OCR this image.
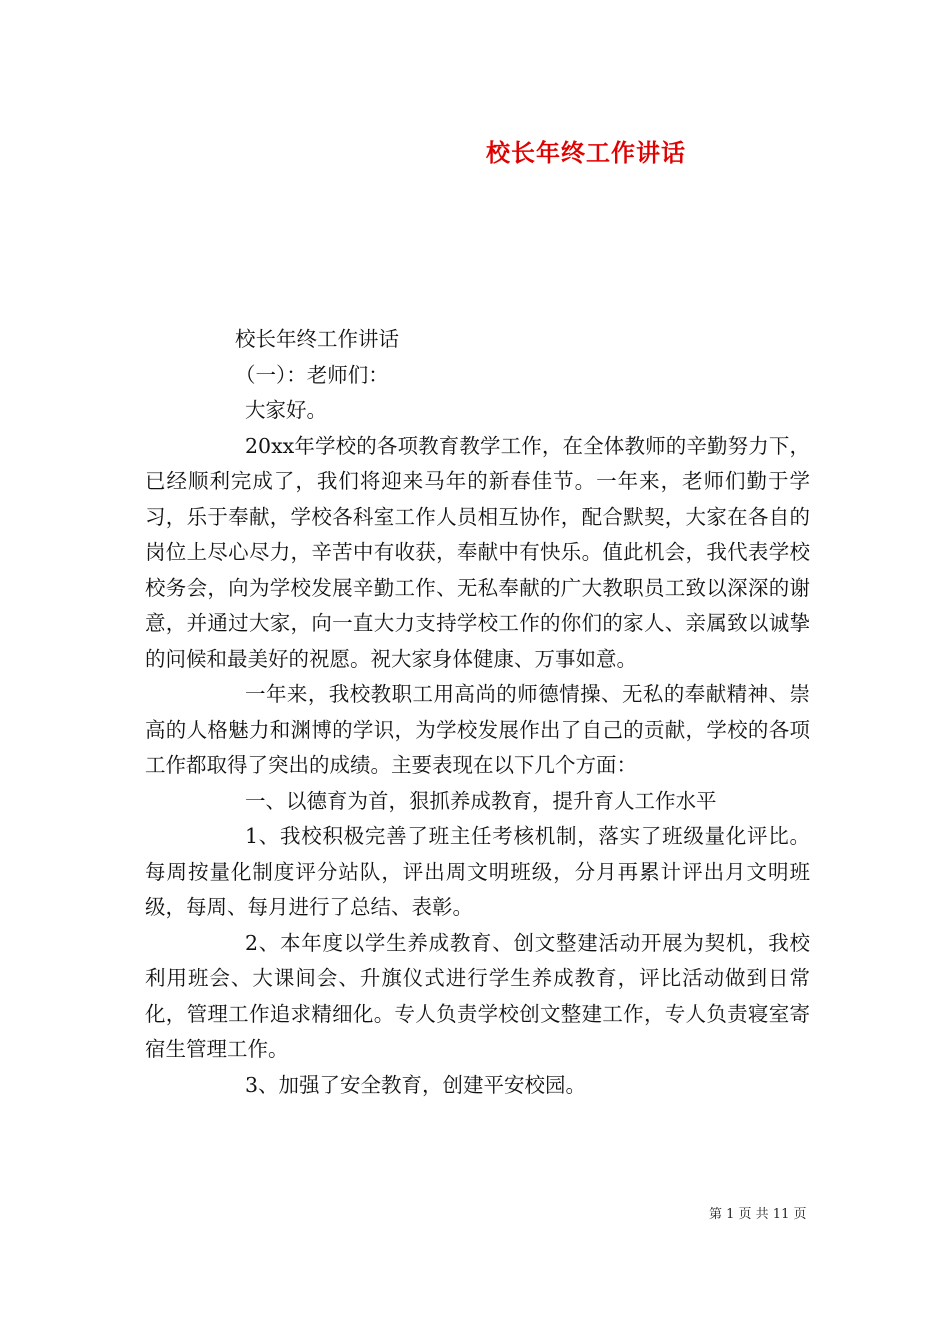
校长年终工作讲话
校长年终工作讲话
（一）：老师们：
大家好。

20xx年学校的各项教育教学工作，在全体教师的辛勤努力下，已经顺利完成了，我们将迎来马年的新春佳节。一年来，老师们勤于学习，乐于奉献，学校各科室工作人员相互协作，配合默契，大家在各自的岗位上尽心尽力，辛苦中有收获，奉献中有快乐。值此机会，我代表学校校务会，向为学校发展辛勤工作、无私奉献的广大教职员工致以深深的谢意，并通过大家，向一直大力支持学校工作的你们的家人、亲属致以诚挚的问候和最美好的祝愿。祝大家身体健康、万事如意。

一年来，我校教职工用高尚的师德情操、无私的奉献精神、崇高的人格魅力和渊博的学识，为学校发展作出了自己的贡献，学校的各项工作都取得了突出的成绩。主要表现在以下几个方面：

一、以德育为首，狠抓养成教育，提升育人工作水平

1、我校积极完善了班主任考核机制，落实了班级量化评比。每周按量化制度评分站队，评出周文明班级，分月再累计评出月文明班级，每周、每月进行了总结、表彰。

2、本年度以学生养成教育、创文整建活动开展为契机，我校利用班会、大课间会、升旗仪式进行学生养成教育，评比活动做到日常化，管理工作追求精细化。专人负责学校创文整建工作，专人负责寝室寄宿生管理工作。

3、加强了安全教育，创建平安校园。

第 1 页 共 11 页
